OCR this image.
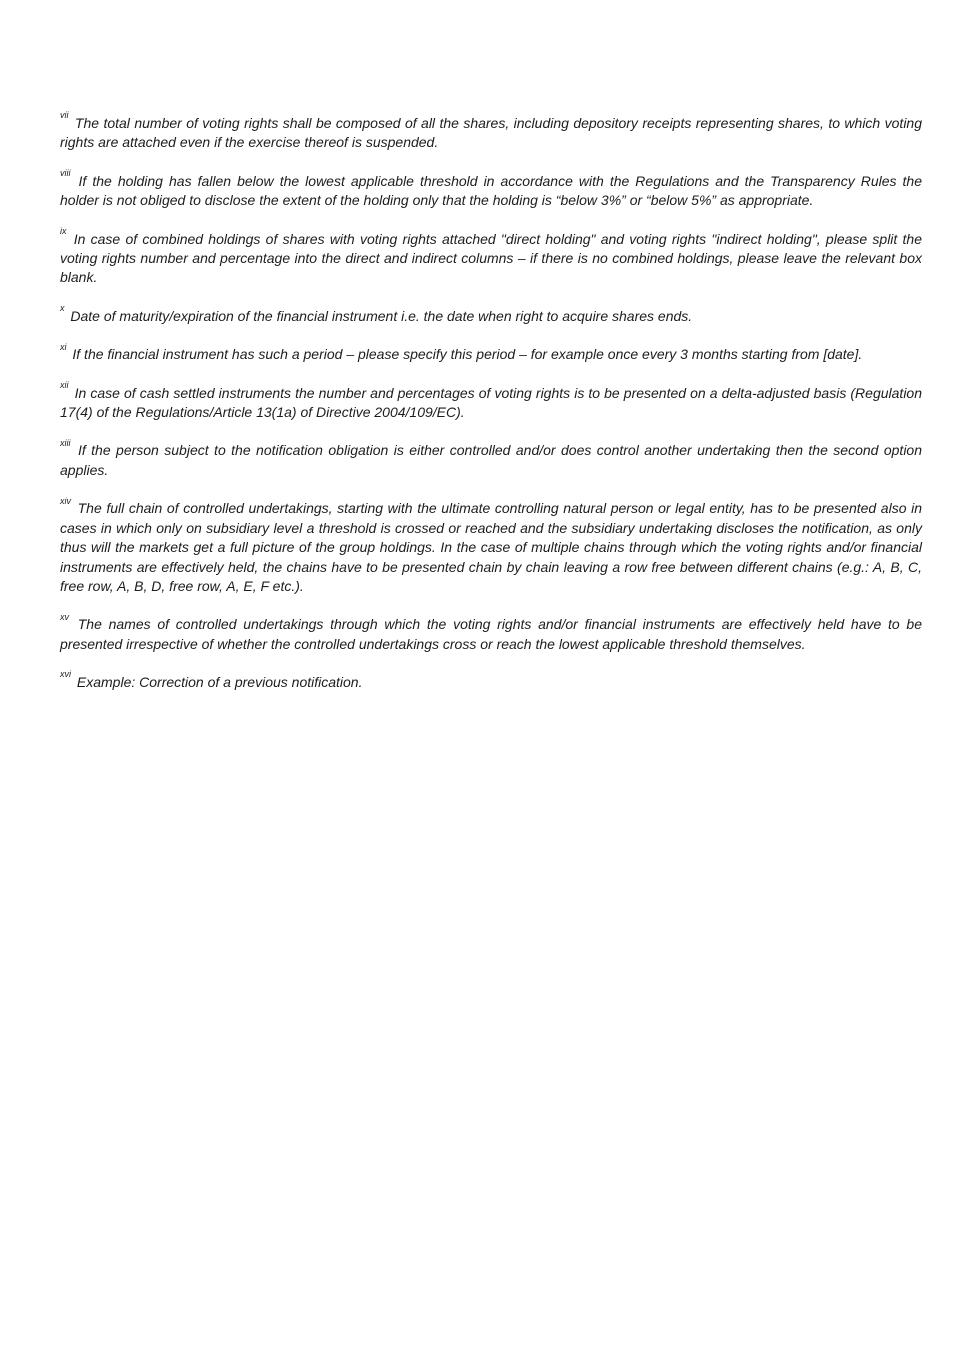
$^{vii}$ The total number of voting rights shall be composed of all the shares, including depository receipts representing shares, to which voting rights are attached even if the exercise thereof is suspended.

$^{viii}$ If the holding has fallen below the lowest applicable threshold in accordance with the Regulations and the Transparency Rules the holder is not obliged to disclose the extent of the holding only that the holding is “below 3%” or “below 5%” as appropriate.

$^{ix}$ In case of combined holdings of shares with voting rights attached "direct holding" and voting rights "indirect holding", please split the voting rights number and percentage into the direct and indirect columns – if there is no combined holdings, please leave the relevant box blank.

$^x$ Date of maturity/expiration of the financial instrument i.e. the date when right to acquire shares ends.

$^{xi}$ If the financial instrument has such a period – please specify this period – for example once every 3 months starting from [date].

$^{xii}$ In case of cash settled instruments the number and percentages of voting rights is to be presented on a delta-adjusted basis (Regulation 17(4) of the Regulations/Article 13(1a) of Directive 2004/109/EC).

$^{xiii}$ If the person subject to the notification obligation is either controlled and/or does control another undertaking then the second option applies.

$^{xiv}$ The full chain of controlled undertakings, starting with the ultimate controlling natural person or legal entity, has to be presented also in cases in which only on subsidiary level a threshold is crossed or reached and the subsidiary undertaking discloses the notification, as only thus will the markets get a full picture of the group holdings. In the case of multiple chains through which the voting rights and/or financial instruments are effectively held, the chains have to be presented chain by chain leaving a row free between different chains (e.g.: A, B, C, free row, A, B, D, free row, A, E, F etc.).

$^{xv}$ The names of controlled undertakings through which the voting rights and/or financial instruments are effectively held have to be presented irrespective of whether the controlled undertakings cross or reach the lowest applicable threshold themselves.

$^{xvi}$ Example: Correction of a previous notification.
